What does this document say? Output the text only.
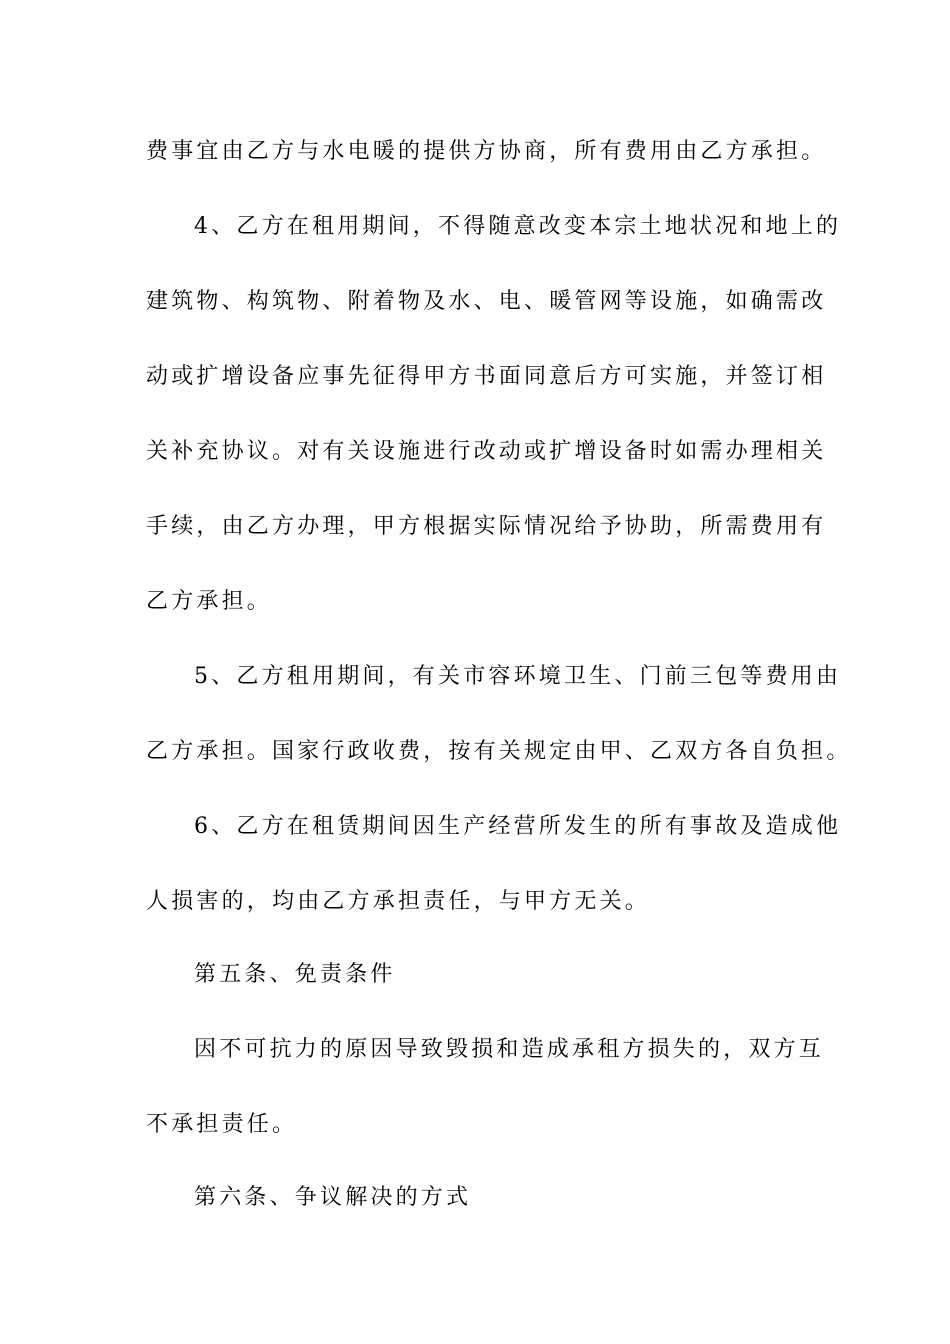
费事宜由乙方与水电暖的提供方协商，所有费用由乙方承担。
4、乙方在租用期间，不得随意改变本宗土地状况和地上的
建筑物、构筑物、附着物及水、电、暖管网等设施，如确需改
动或扩增设备应事先征得甲方书面同意后方可实施，并签订相
关补充协议。对有关设施进行改动或扩增设备时如需办理相关
手续，由乙方办理，甲方根据实际情况给予协助，所需费用有
乙方承担。
5、乙方租用期间，有关市容环境卫生、门前三包等费用由
乙方承担。国家行政收费，按有关规定由甲、乙双方各自负担。
6、乙方在租赁期间因生产经营所发生的所有事故及造成他
人损害的，均由乙方承担责任，与甲方无关。
第五条、免责条件
因不可抗力的原因导致毁损和造成承租方损失的，双方互
不承担责任。
第六条、争议解决的方式
